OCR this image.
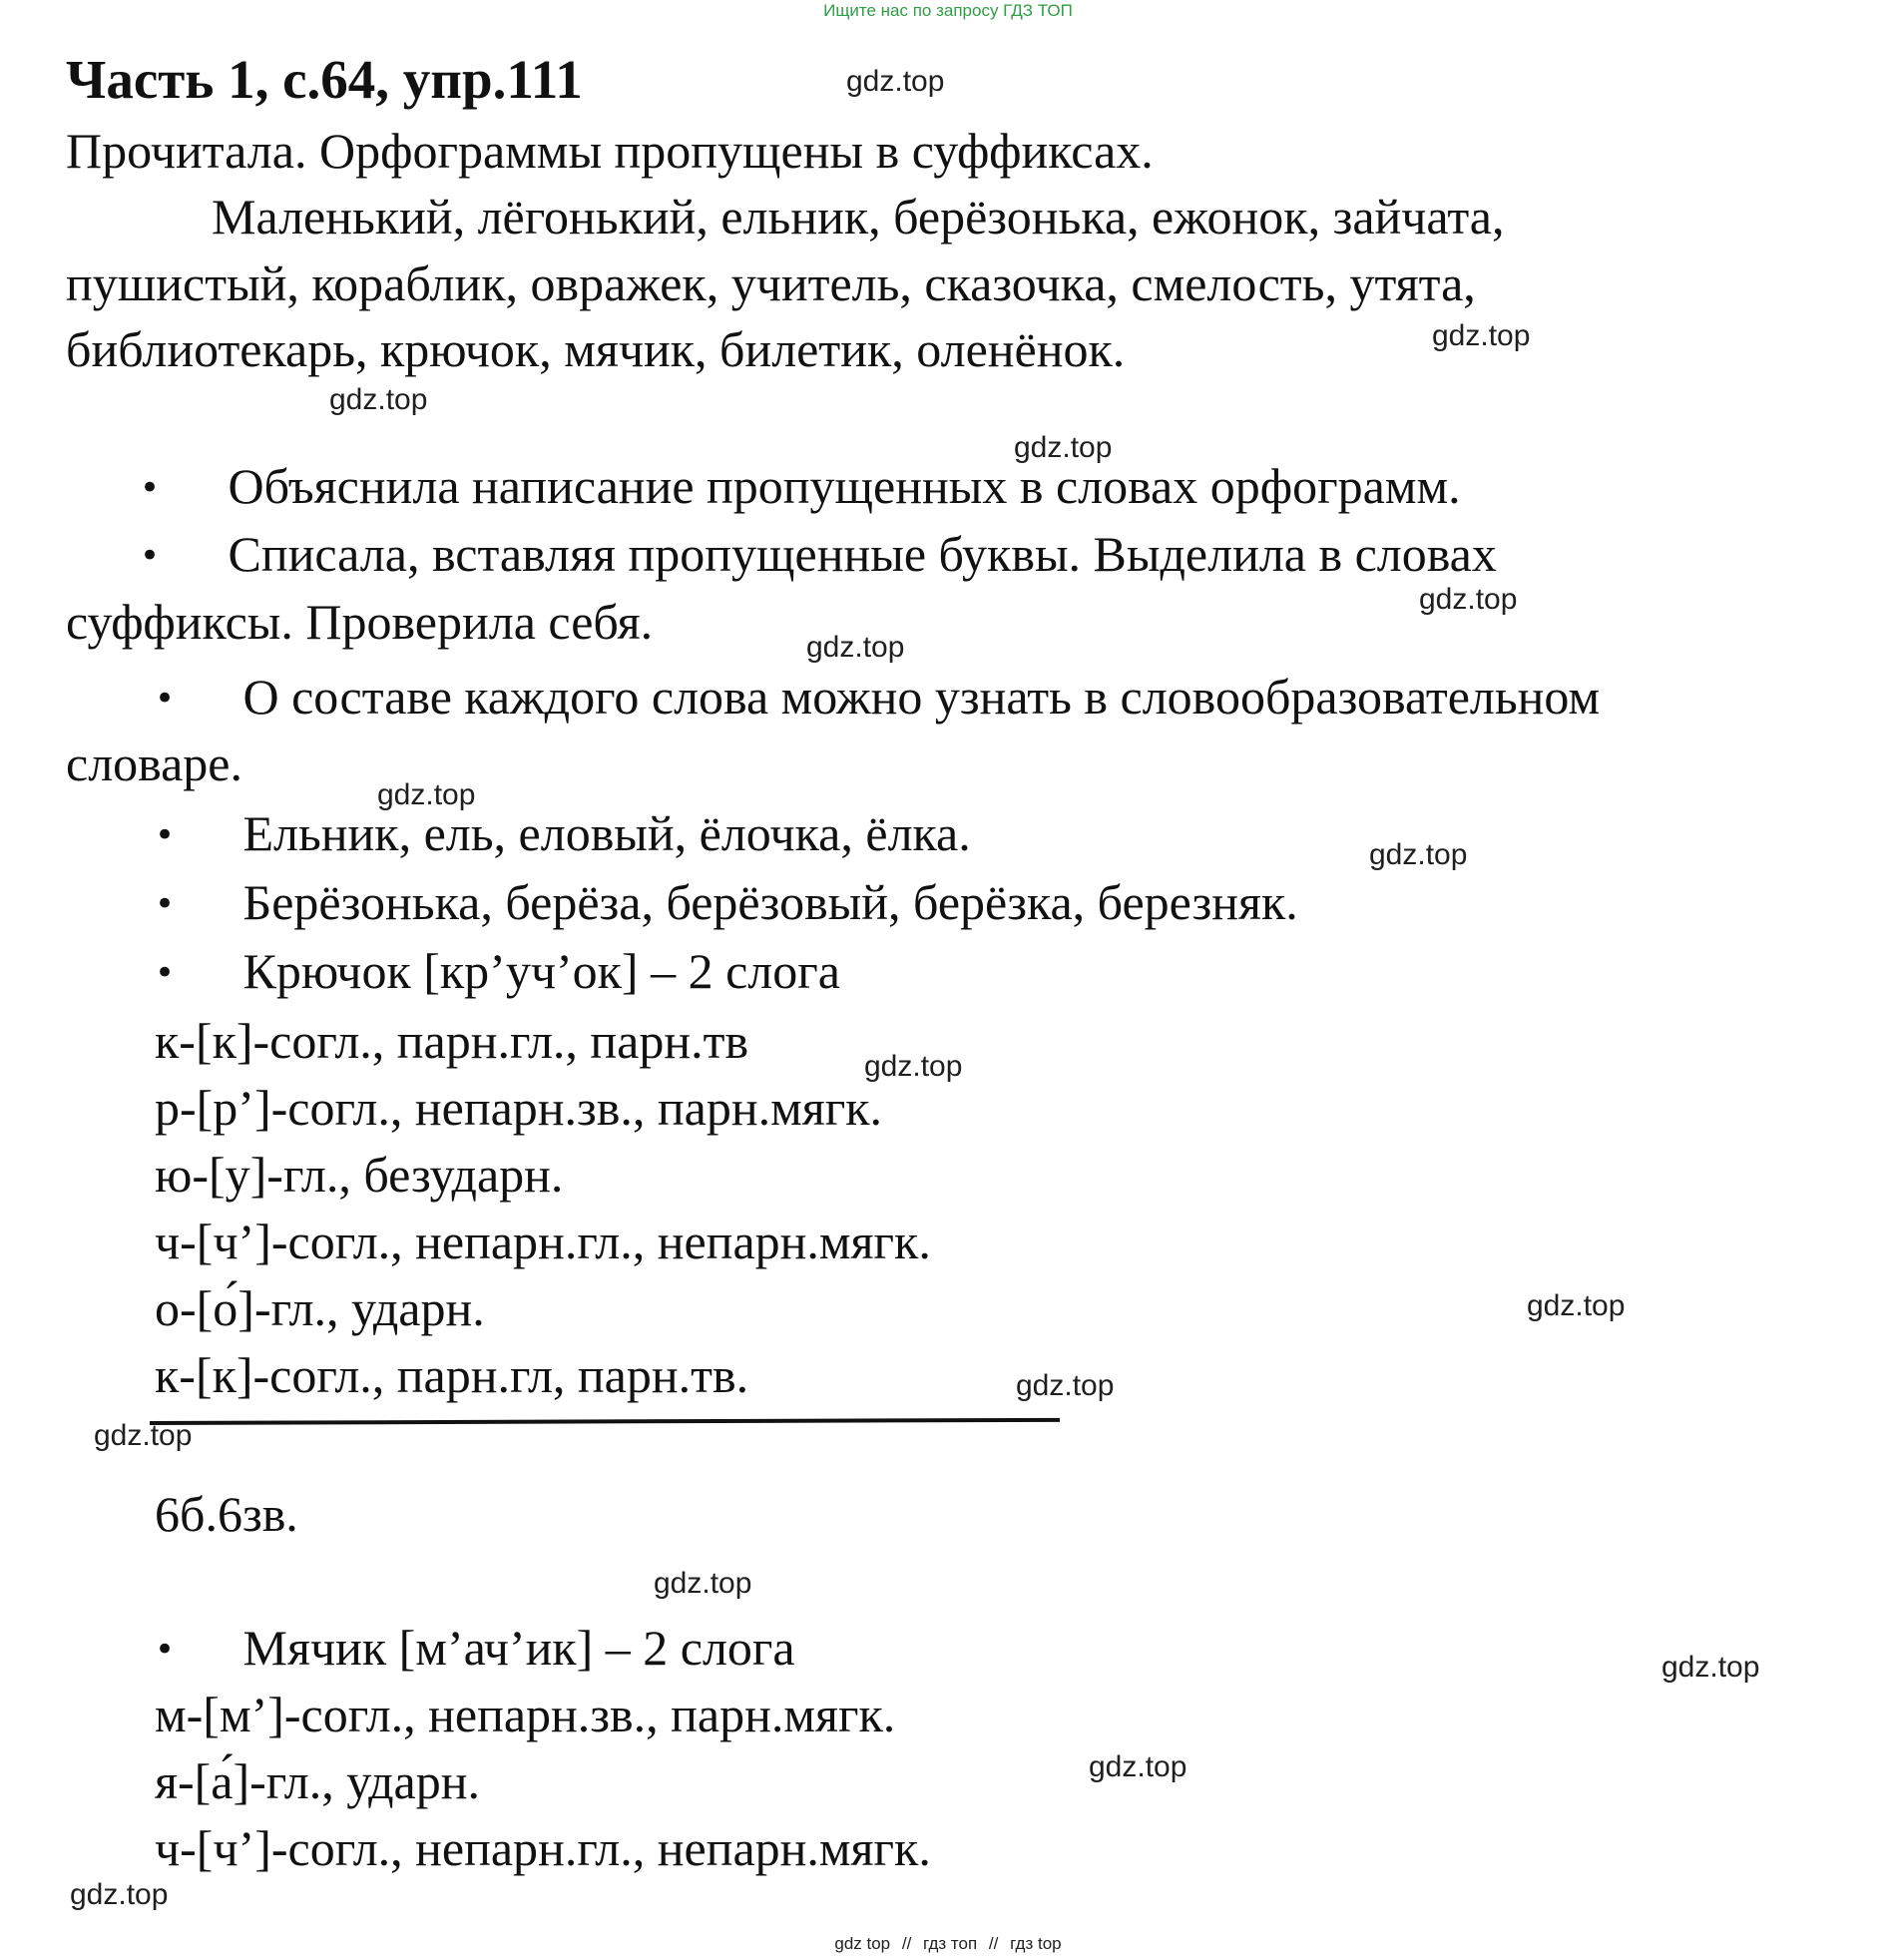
Ищите нас по запросу ГДЗ ТОП
Часть 1, с.64, упр.111

Прочитала. Орфограммы пропущены в суффиксах.

Маленький, лёгонький, ельник, берёзонька, ежонок, зайчата,

пушистый, кораблик, овражек, учитель, сказочка, смелость, утята,

библиотекарь, крючок, мячик, билетик, оленёнок.

• Объяснила написание пропущенных в словах орфограмм.
• Списала, вставляя пропущенные буквы. Выделила в словах
суффиксы. Проверила себя.
• О составе каждого слова можно узнать в словообразовательном
словаре.
• Ельник, ель, еловый, ёлочка, ёлка.
• Берёзонька, берёза, берёзовый, берёзка, березняк.
• Крючок [кр’уч’ок] – 2 слога
к-[к]-согл., парн.гл., парн.тв
р-[р’]-согл., непарн.зв., парн.мягк.
ю-[у]-гл., безударн.
ч-[ч’]-согл., непарн.гл., непарн.мягк.
о-[о́]-гл., ударн.
к-[к]-согл., парн.гл, парн.тв.
6б.6зв.
• Мячик [м’ач’ик] – 2 слога
м-[м’]-согл., непарн.зв., парн.мягк.
я-[а́]-гл., ударн.
ч-[ч’]-согл., непарн.гл., непарн.мягк.
gdz.top
gdz.top
gdz.top
gdz.top
gdz.top
gdz.top
gdz.top
gdz.top
gdz.top
gdz.top
gdz.top
gdz.top
gdz.top
gdz.top
gdz.top
gdz.top
gdz top // гдз топ // гдз top
